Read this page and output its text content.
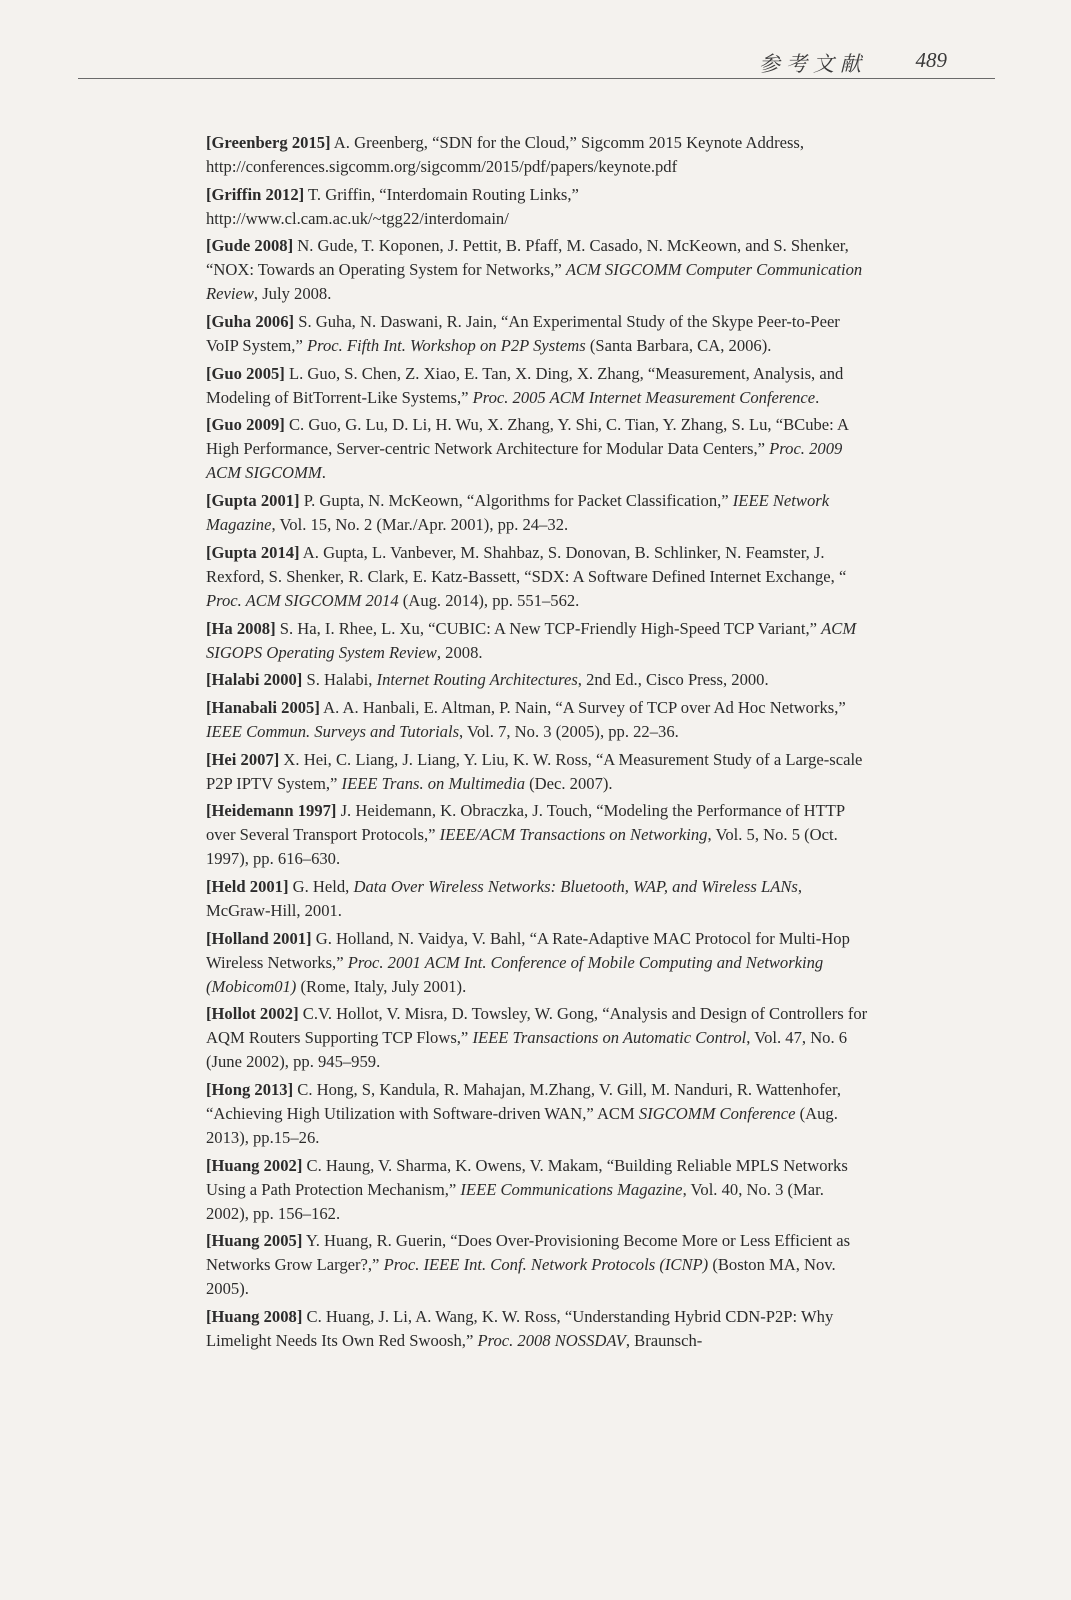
参考文献 489

[Greenberg 2015] A. Greenberg, “SDN for the Cloud,” Sigcomm 2015 Keynote Address, http://conferences.sigcomm.org/sigcomm/2015/pdf/papers/keynote.pdf

[Griffin 2012] T. Griffin, “Interdomain Routing Links,” http://www.cl.cam.ac.uk/~tgg22/interdomain/

[Gude 2008] N. Gude, T. Koponen, J. Pettit, B. Pfaff, M. Casado, N. McKeown, and S. Shenker, “NOX: Towards an Operating System for Networks,” ACM SIGCOMM Computer Communication Review, July 2008.

[Guha 2006] S. Guha, N. Daswani, R. Jain, “An Experimental Study of the Skype Peer-to-Peer VoIP System,” Proc. Fifth Int. Workshop on P2P Systems (Santa Barbara, CA, 2006).

[Guo 2005] L. Guo, S. Chen, Z. Xiao, E. Tan, X. Ding, X. Zhang, “Measurement, Analysis, and Modeling of BitTorrent-Like Systems,” Proc. 2005 ACM Internet Measurement Conference.

[Guo 2009] C. Guo, G. Lu, D. Li, H. Wu, X. Zhang, Y. Shi, C. Tian, Y. Zhang, S. Lu, “BCube: A High Performance, Server-centric Network Architecture for Modular Data Centers,” Proc. 2009 ACM SIGCOMM.

[Gupta 2001] P. Gupta, N. McKeown, “Algorithms for Packet Classification,” IEEE Network Magazine, Vol. 15, No. 2 (Mar./Apr. 2001), pp. 24–32.

[Gupta 2014] A. Gupta, L. Vanbever, M. Shahbaz, S. Donovan, B. Schlinker, N. Feamster, J. Rexford, S. Shenker, R. Clark, E. Katz-Bassett, “SDX: A Software Defined Internet Exchange, “ Proc. ACM SIGCOMM 2014 (Aug. 2014), pp. 551–562.

[Ha 2008] S. Ha, I. Rhee, L. Xu, “CUBIC: A New TCP-Friendly High-Speed TCP Variant,” ACM SIGOPS Operating System Review, 2008.

[Halabi 2000] S. Halabi, Internet Routing Architectures, 2nd Ed., Cisco Press, 2000.

[Hanabali 2005] A. A. Hanbali, E. Altman, P. Nain, “A Survey of TCP over Ad Hoc Networks,” IEEE Commun. Surveys and Tutorials, Vol. 7, No. 3 (2005), pp. 22–36.

[Hei 2007] X. Hei, C. Liang, J. Liang, Y. Liu, K. W. Ross, “A Measurement Study of a Large-scale P2P IPTV System,” IEEE Trans. on Multimedia (Dec. 2007).

[Heidemann 1997] J. Heidemann, K. Obraczka, J. Touch, “Modeling the Performance of HTTP over Several Transport Protocols,” IEEE/ACM Transactions on Networking, Vol. 5, No. 5 (Oct. 1997), pp. 616–630.

[Held 2001] G. Held, Data Over Wireless Networks: Bluetooth, WAP, and Wireless LANs, McGraw-Hill, 2001.

[Holland 2001] G. Holland, N. Vaidya, V. Bahl, “A Rate-Adaptive MAC Protocol for Multi-Hop Wireless Networks,” Proc. 2001 ACM Int. Conference of Mobile Computing and Networking (Mobicom01) (Rome, Italy, July 2001).

[Hollot 2002] C.V. Hollot, V. Misra, D. Towsley, W. Gong, “Analysis and Design of Controllers for AQM Routers Supporting TCP Flows,” IEEE Transactions on Automatic Control, Vol. 47, No. 6 (June 2002), pp. 945–959.

[Hong 2013] C. Hong, S, Kandula, R. Mahajan, M.Zhang, V. Gill, M. Nanduri, R. Wattenhofer, “Achieving High Utilization with Software-driven WAN,” ACM SIGCOMM Conference (Aug. 2013), pp.15–26.

[Huang 2002] C. Haung, V. Sharma, K. Owens, V. Makam, “Building Reliable MPLS Networks Using a Path Protection Mechanism,” IEEE Communications Magazine, Vol. 40, No. 3 (Mar. 2002), pp. 156–162.

[Huang 2005] Y. Huang, R. Guerin, “Does Over-Provisioning Become More or Less Efficient as Networks Grow Larger?,” Proc. IEEE Int. Conf. Network Protocols (ICNP) (Boston MA, Nov. 2005).

[Huang 2008] C. Huang, J. Li, A. Wang, K. W. Ross, “Understanding Hybrid CDN-P2P: Why Limelight Needs Its Own Red Swoosh,” Proc. 2008 NOSSDAV, Braunsch-
